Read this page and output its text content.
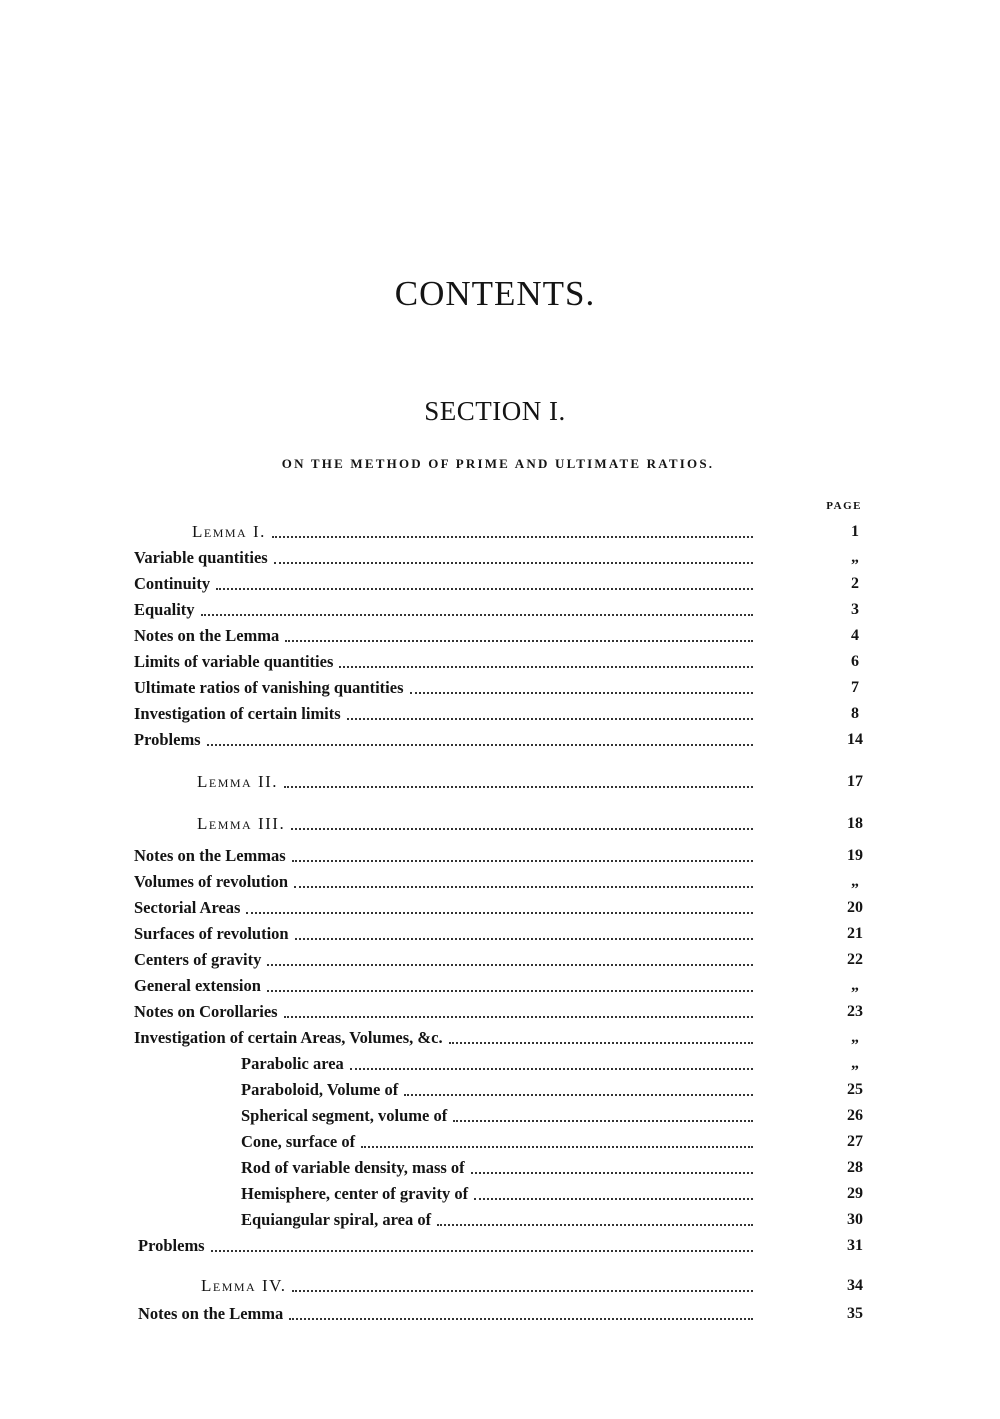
CONTENTS.
SECTION I.
ON THE METHOD OF PRIME AND ULTIMATE RATIOS.
PAGE
Lemma I.	1
Variable quantities	„
Continuity	2
Equality	3
Notes on the Lemma	4
Limits of variable quantities	6
Ultimate ratios of vanishing quantities	7
Investigation of certain limits	8
Problems	14
Lemma II.	17
Lemma III.	18
Notes on the Lemmas	19
Volumes of revolution	„
Sectorial Areas	20
Surfaces of revolution	21
Centers of gravity	22
General extension	„
Notes on Corollaries	23
Investigation of certain Areas, Volumes, &c.	„
Parabolic area	„
Paraboloid, Volume of	25
Spherical segment, volume of	26
Cone, surface of	27
Rod of variable density, mass of	28
Hemisphere, center of gravity of	29
Equiangular spiral, area of	30
Problems	31
Lemma IV.	34
Notes on the Lemma	35
